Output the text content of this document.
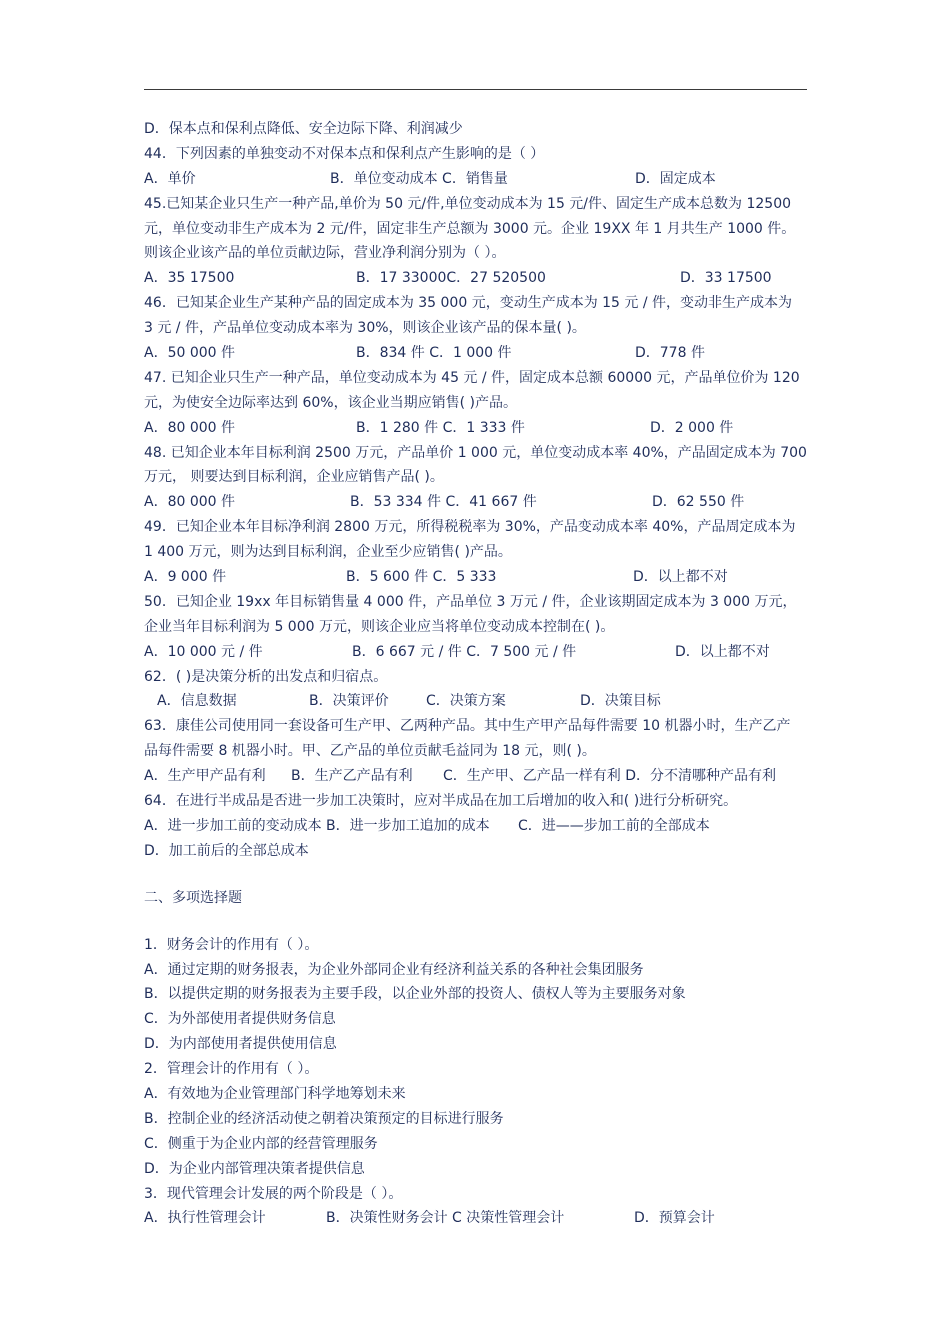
D．保本点和保利点降低、安全边际下降、利润减少
44．下列因素的单独变动不对保本点和保利点产生影响的是（ ）
A．单价	B．单位变动成本 C．销售量	D．固定成本
45.已知某企业只生产一种产品,单价为 50 元/件,单位变动成本为 15 元/件、固定生产成本总数为 12500
元，单位变动非生产成本为 2 元/件，固定非生产总额为 3000 元。企业 19XX 年 1 月共生产 1000 件。
则该企业该产品的单位贡献边际，营业净利润分别为（ ）。
A．35 17500	B．17 33000C．27 520500	D．33 17500
46．已知某企业生产某种产品的固定成本为 35 000 元，变动生产成本为 15 元 / 件，变动非生产成本为
3 元 / 件，产品单位变动成本率为 30%，则该企业该产品的保本量( )。
A．50 000 件	B．834 件 C．1 000 件	D．778 件
47. 已知企业只生产一种产品，单位变动成本为 45 元 / 件，固定成本总额 60000 元，产品单位价为 120
元，为使安全边际率达到 60%，该企业当期应销售( )产品。
A．80 000 件	B．1 280 件 C．1 333 件	D．2 000 件
48. 已知企业本年目标利润 2500 万元，产品单价 1 000 元，单位变动成本率 40%，产品固定成本为 700
万元， 则要达到目标利润，企业应销售产品( )。
A．80 000 件	B．53 334 件 C．41 667 件	D．62 550 件
49．已知企业本年目标净利润 2800 万元，所得税税率为 30%，产品变动成本率 40%，产品周定成本为
1 400 万元，则为达到目标利润，企业至少应销售( )产品。
A．9 000 件	B．5 600 件 C．5 333	D．以上都不对
50．已知企业 19xx 年目标销售量 4 000 件，产品单位 3 万元 / 件，企业该期固定成本为 3 000 万元，
企业当年目标利润为 5 000 万元，则该企业应当将单位变动成本控制在( )。
A．10 000 元 / 件	B．6 667 元 / 件 C．7 500 元 / 件	D．以上都不对
62．( )是决策分析的出发点和归宿点。
A．信息数据	B．决策评价	C．决策方案	D．决策目标
63．康佳公司使用同一套设备可生产甲、乙两种产品。其中生产甲产品每件需要 10 机器小时，生产乙产
品每件需要 8 机器小时。甲、乙产品的单位贡献毛益同为 18 元，则( )。
A．生产甲产品有利 B．生产乙产品有利 C．生产甲、乙产品一样有利 D．分不清哪种产品有利
64．在进行半成品是否进一步加工决策时，应对半成品在加工后增加的收入和( )进行分析研究。
A．进一步加工前的变动成本 B．进一步加工追加的成本 C．进——步加工前的全部成本
D．加工前后的全部总成本
二、多项选择题
1．财务会计的作用有（ ）。
A．通过定期的财务报表，为企业外部同企业有经济利益关系的各种社会集团服务
B．以提供定期的财务报表为主要手段，以企业外部的投资人、债权人等为主要服务对象
C．为外部使用者提供财务信息
D．为内部使用者提供使用信息
2．管理会计的作用有（ ）。
A．有效地为企业管理部门科学地筹划未来
B．控制企业的经济活动使之朝着决策预定的目标进行服务
C．侧重于为企业内部的经营管理服务
D．为企业内部管理决策者提供信息
3．现代管理会计发展的两个阶段是（ ）。
A．执行性管理会计	B．决策性财务会计 C 决策性管理会计	D．预算会计
